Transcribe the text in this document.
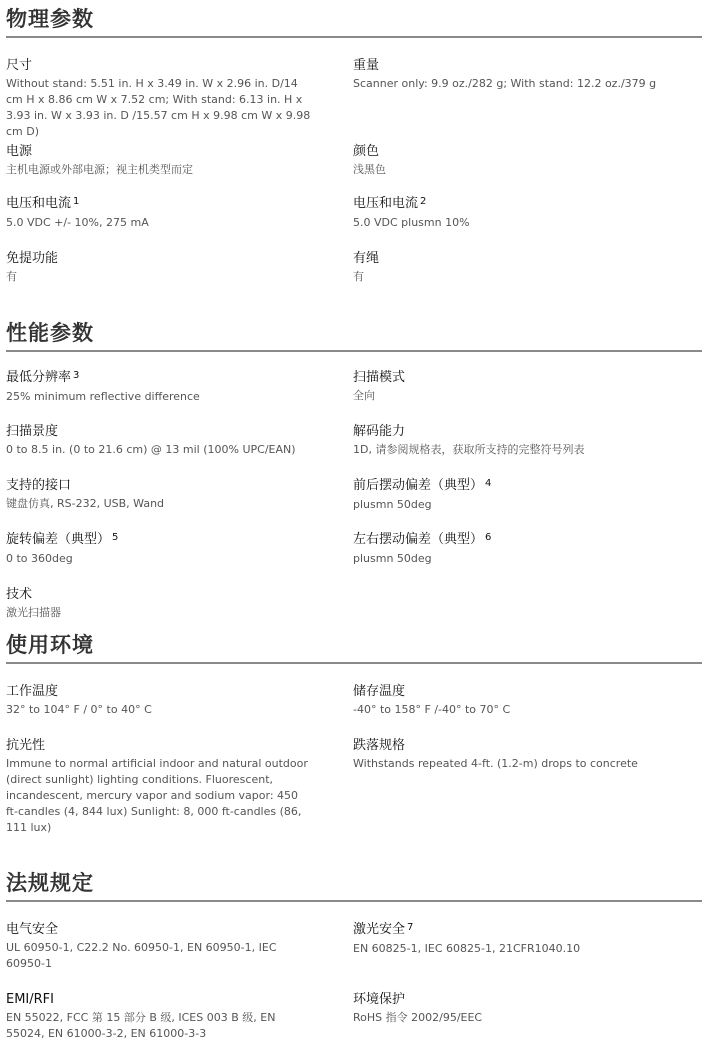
物理参数
尺寸
Without stand: 5.51 in. H x 3.49 in. W x 2.96 in. D/14 cm H x 8.86 cm W x 7.52 cm; With stand: 6.13 in. H x 3.93 in. W x 3.93 in. D /15.57 cm H x 9.98 cm W x 9.98 cm D)
重量
Scanner only: 9.9 oz./282 g; With stand: 12.2 oz./379 g
电源
主机电源或外部电源；视主机类型而定
颜色
浅黑色
电压和电流 $^1$
5.0 VDC +/- 10%, 275 mA
电压和电流 $^2$
5.0 VDC plusmn 10%
免提功能
有
有绳
有
性能参数
最低分辨率 $^3$
25% minimum reflective difference
扫描模式
全向
扫描景度
0 to 8.5 in. (0 to 21.6 cm) @ 13 mil (100% UPC/EAN)
解码能力
1D, 请参阅规格表，获取所支持的完整符号列表
支持的接口
键盘仿真, RS-232, USB, Wand
前后摆动偏差（典型） $^4$
plusmn 50deg
旋转偏差（典型） $^5$
0 to 360deg
左右摆动偏差（典型） $^6$
plusmn 50deg
技术
激光扫描器
使用环境
工作温度
32° to 104° F / 0° to 40° C
储存温度
-40° to 158° F /-40° to 70° C
抗光性
Immune to normal artificial indoor and natural outdoor (direct sunlight) lighting conditions. Fluorescent, incandescent, mercury vapor and sodium vapor: 450 ft-candles (4, 844 lux) Sunlight: 8, 000 ft-candles (86, 111 lux)
跌落规格
Withstands repeated 4-ft. (1.2-m) drops to concrete
法规规定
电气安全
UL 60950-1, C22.2 No. 60950-1, EN 60950-1, IEC 60950-1
激光安全 $^7$
EN 60825-1, IEC 60825-1, 21CFR1040.10
EMI/RFI
EN 55022, FCC 第 15 部分 B 级, ICES 003 B 级, EN 55024, EN 61000-3-2, EN 61000-3-3
环境保护
RoHS 指令 2002/95/EEC
